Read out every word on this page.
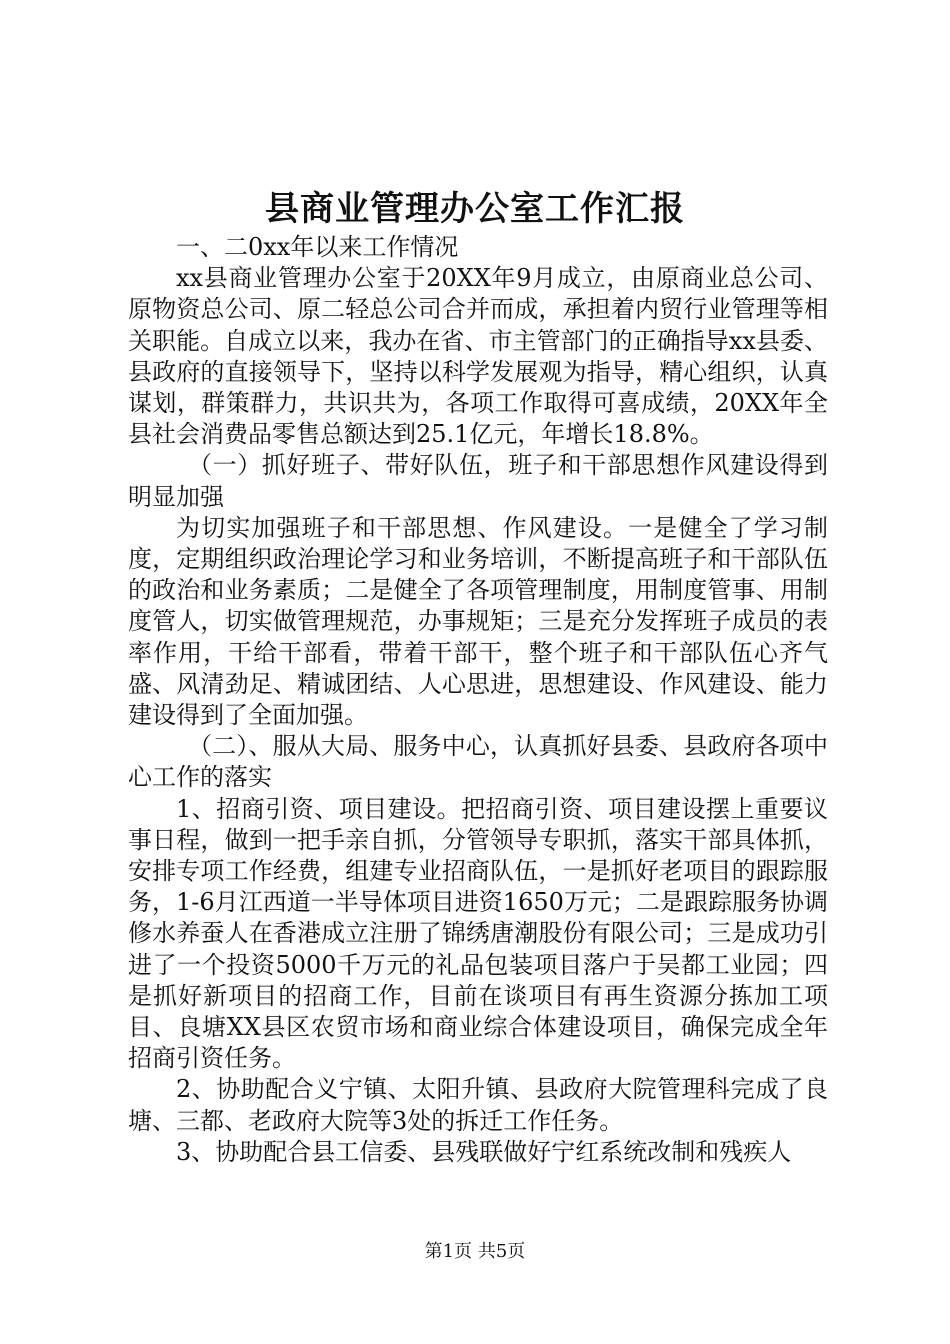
县商业管理办公室工作汇报

一、二0xx年以来工作情况

xx县商业管理办公室于20XX年9月成立，由原商业总公司、原物资总公司、原二轻总公司合并而成，承担着内贸行业管理等相关职能。自成立以来，我办在省、市主管部门的正确指导xx县委、县政府的直接领导下，坚持以科学发展观为指导，精心组织，认真谋划，群策群力，共识共为，各项工作取得可喜成绩，20XX年全县社会消费品零售总额达到25.1亿元，年增长18.8%。

（一）抓好班子、带好队伍，班子和干部思想作风建设得到明显加强

为切实加强班子和干部思想、作风建设。一是健全了学习制度，定期组织政治理论学习和业务培训，不断提高班子和干部队伍的政治和业务素质；二是健全了各项管理制度，用制度管事、用制度管人，切实做管理规范，办事规矩；三是充分发挥班子成员的表率作用，干给干部看，带着干部干，整个班子和干部队伍心齐气盛、风清劲足、精诚团结、人心思进，思想建设、作风建设、能力建设得到了全面加强。

（二）、服从大局、服务中心，认真抓好县委、县政府各项中心工作的落实

1、招商引资、项目建设。把招商引资、项目建设摆上重要议事日程，做到一把手亲自抓，分管领导专职抓，落实干部具体抓，安排专项工作经费，组建专业招商队伍，一是抓好老项目的跟踪服务，1-6月江西道一半导体项目进资1650万元；二是跟踪服务协调修水养蚕人在香港成立注册了锦绣唐潮股份有限公司；三是成功引进了一个投资5000千万元的礼品包装项目落户于吴都工业园；四是抓好新项目的招商工作，目前在谈项目有再生资源分拣加工项目、良塘XX县区农贸市场和商业综合体建设项目，确保完成全年招商引资任务。

2、协助配合义宁镇、太阳升镇、县政府大院管理科完成了良塘、三都、老政府大院等3处的拆迁工作任务。

3、协助配合县工信委、县残联做好宁红系统改制和残疾人

第1页 共5页
